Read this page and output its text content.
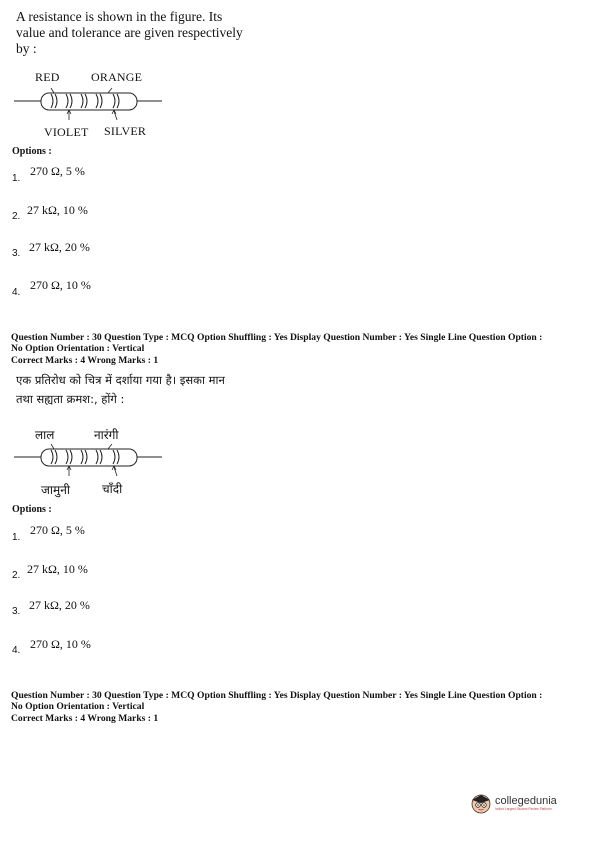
A resistance is shown in the figure. Its
value and tolerance are given respectively
by :
RED	ORANGE
VIOLET SILVER
Options :
1.
270 Ω, 5 %
2. 27 kΩ, 10 %
3. 27 kΩ, 20 %
4.
270 Ω, 10 %
Question Number : 30 Question Type : MCQ Option Shuffling : Yes Display Question Number : Yes Single Line Question Option :
No Option Orientation : Vertical
Correct Marks : 4 Wrong Marks : 1
एक प्रतिरोध को चित्र में दर्शाया गया है। इसका मान
तथा सह्यता क्रमश:, होंगे :
लाल	नारंगी
जामुनी	चाँदी
Options :
1.
270 Ω, 5 %
2. 27 kΩ, 10 %
3. 27 kΩ, 20 %
4. 270 Ω, 10 %
Question Number : 30 Question Type : MCQ Option Shuffling : Yes Display Question Number : Yes Single Line Question Option :
No Option Orientation : Vertical
Correct Marks : 4 Wrong Marks : 1
collegedunia
India's Largest Student Review Platform
